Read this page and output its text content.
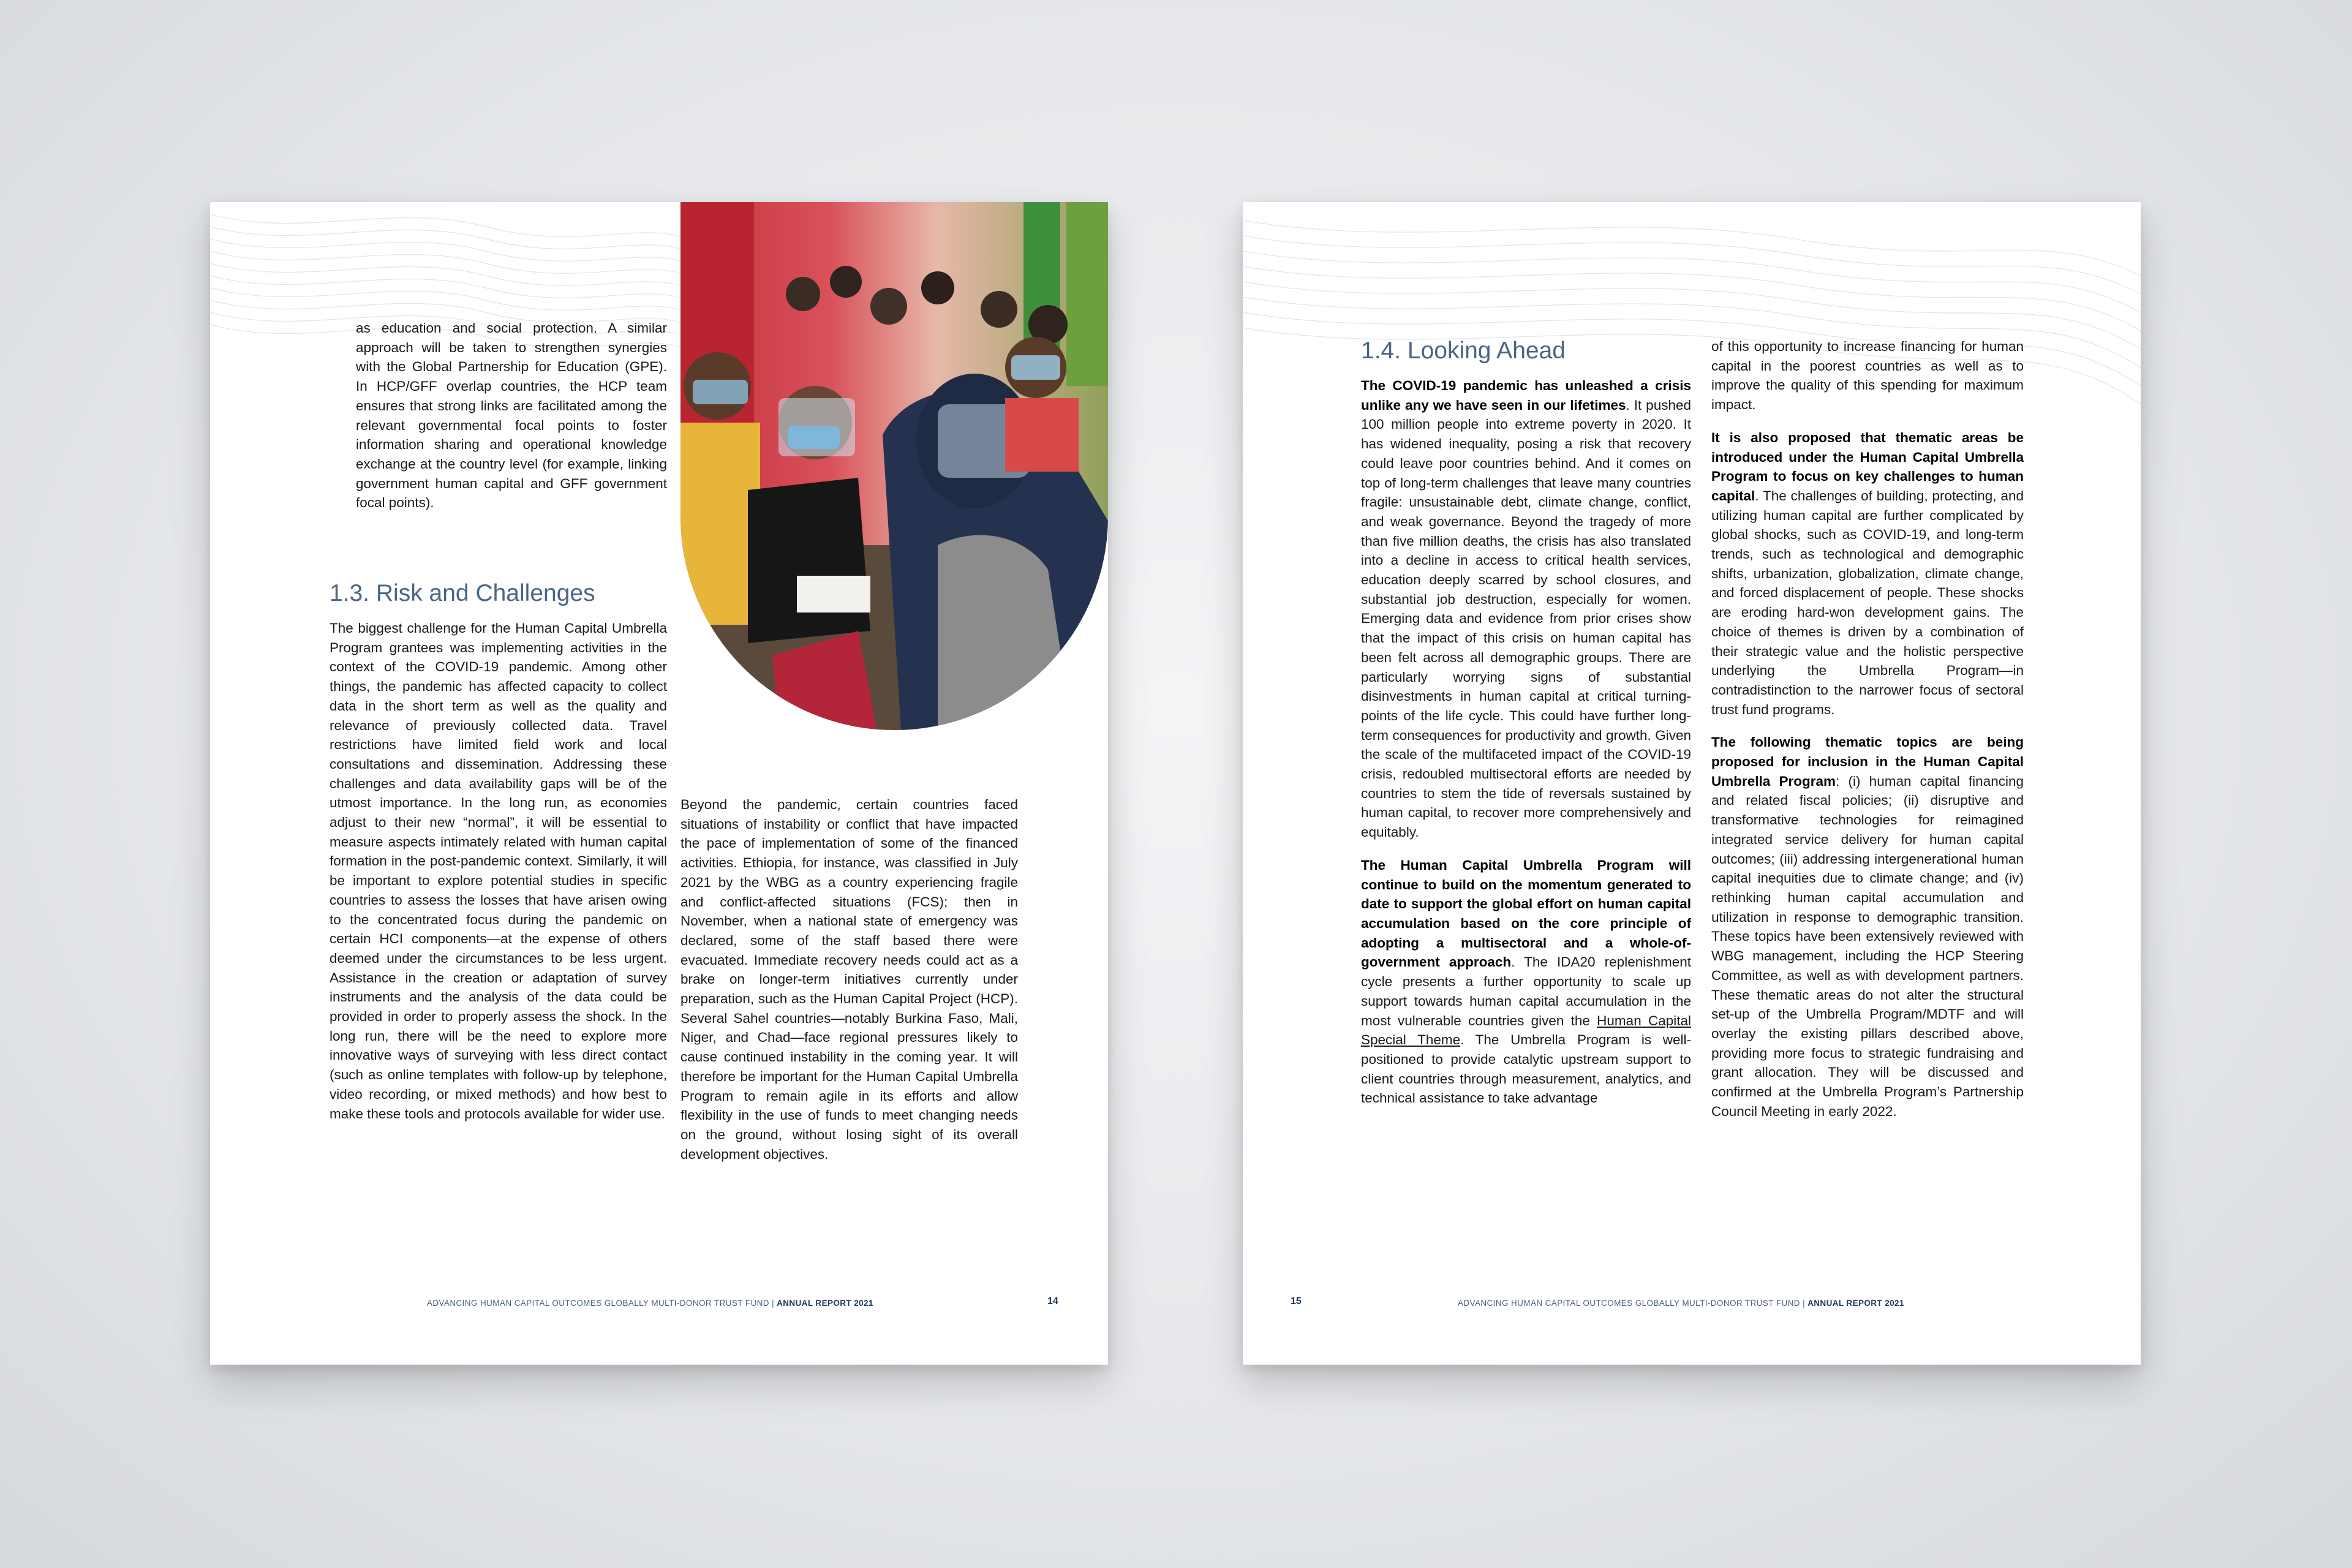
as education and social protection. A similar approach will be taken to strengthen synergies with the Global Partnership for Education (GPE). In HCP/GFF overlap countries, the HCP team ensures that strong links are facilitated among the relevant governmental focal points to foster information sharing and operational knowledge exchange at the country level (for example, linking government human capital and GFF government focal points).

1.3. Risk and Challenges

The biggest challenge for the Human Capital Umbrella Program grantees was implementing activities in the context of the COVID-19 pandemic. Among other things, the pandemic has affected capacity to collect data in the short term as well as the quality and relevance of previously collected data. Travel restrictions have limited field work and local consultations and dissemination. Addressing these challenges and data availability gaps will be of the utmost importance. In the long run, as economies adjust to their new “normal”, it will be essential to measure aspects intimately related with human capital formation in the post-pandemic context. Similarly, it will be important to explore potential studies in specific countries to assess the losses that have arisen owing to the concentrated focus during the pandemic on certain HCI components—at the expense of others deemed under the circumstances to be less urgent. Assistance in the creation or adaptation of survey instruments and the analysis of the data could be provided in order to properly assess the shock. In the long run, there will be the need to explore more innovative ways of surveying with less direct contact (such as online templates with follow-up by telephone, video recording, or mixed methods) and how best to make these tools and protocols available for wider use.

Beyond the pandemic, certain countries faced situations of instability or conflict that have impacted the pace of implementation of some of the financed activities. Ethiopia, for instance, was classified in July 2021 by the WBG as a country experiencing fragile and conflict-affected situations (FCS); then in November, when a national state of emergency was declared, some of the staff based there were evacuated. Immediate recovery needs could act as a brake on longer-term initiatives currently under preparation, such as the Human Capital Project (HCP). Several Sahel countries—notably Burkina Faso, Mali, Niger, and Chad—face regional pressures likely to cause continued instability in the coming year. It will therefore be important for the Human Capital Umbrella Program to remain agile in its efforts and allow flexibility in the use of funds to meet changing needs on the ground, without losing sight of its overall development objectives.

ADVANCING HUMAN CAPITAL OUTCOMES GLOBALLY MULTI-DONOR TRUST FUND | ANNUAL REPORT 2021	14
1.4. Looking Ahead

The COVID-19 pandemic has unleashed a crisis unlike any we have seen in our lifetimes. It pushed 100 million people into extreme poverty in 2020. It has widened inequality, posing a risk that recovery could leave poor countries behind. And it comes on top of long-term challenges that leave many countries fragile: unsustainable debt, climate change, conflict, and weak governance. Beyond the tragedy of more than five million deaths, the crisis has also translated into a decline in access to critical health services, education deeply scarred by school closures, and substantial job destruction, especially for women. Emerging data and evidence from prior crises show that the impact of this crisis on human capital has been felt across all demographic groups. There are particularly worrying signs of substantial disinvestments in human capital at critical turning-points of the life cycle. This could have further long-term consequences for productivity and growth. Given the scale of the multifaceted impact of the COVID-19 crisis, redoubled multisectoral efforts are needed by countries to stem the tide of reversals sustained by human capital, to recover more comprehensively and equitably.

The Human Capital Umbrella Program will continue to build on the momentum generated to date to support the global effort on human capital accumulation based on the core principle of adopting a multisectoral and a whole-of-government approach. The IDA20 replenishment cycle presents a further opportunity to scale up support towards human capital accumulation in the most vulnerable countries given the Human Capital Special Theme. The Umbrella Program is well-positioned to provide catalytic upstream support to client countries through measurement, analytics, and technical assistance to take advantage

of this opportunity to increase financing for human capital in the poorest countries as well as to improve the quality of this spending for maximum impact.

It is also proposed that thematic areas be introduced under the Human Capital Umbrella Program to focus on key challenges to human capital. The challenges of building, protecting, and utilizing human capital are further complicated by global shocks, such as COVID-19, and long-term trends, such as technological and demographic shifts, urbanization, globalization, climate change, and forced displacement of people. These shocks are eroding hard-won development gains. The choice of themes is driven by a combination of their strategic value and the holistic perspective underlying the Umbrella Program—in contradistinction to the narrower focus of sectoral trust fund programs.

The following thematic topics are being proposed for inclusion in the Human Capital Umbrella Program: (i) human capital financing and related fiscal policies; (ii) disruptive and transformative technologies for reimagined integrated service delivery for human capital outcomes; (iii) addressing intergenerational human capital inequities due to climate change; and (iv) rethinking human capital accumulation and utilization in response to demographic transition. These topics have been extensively reviewed with WBG management, including the HCP Steering Committee, as well as with development partners. These thematic areas do not alter the structural set-up of the Umbrella Program/MDTF and will overlay the existing pillars described above, providing more focus to strategic fundraising and grant allocation. They will be discussed and confirmed at the Umbrella Program’s Partnership Council Meeting in early 2022.

15	ADVANCING HUMAN CAPITAL OUTCOMES GLOBALLY MULTI-DONOR TRUST FUND | ANNUAL REPORT 2021
